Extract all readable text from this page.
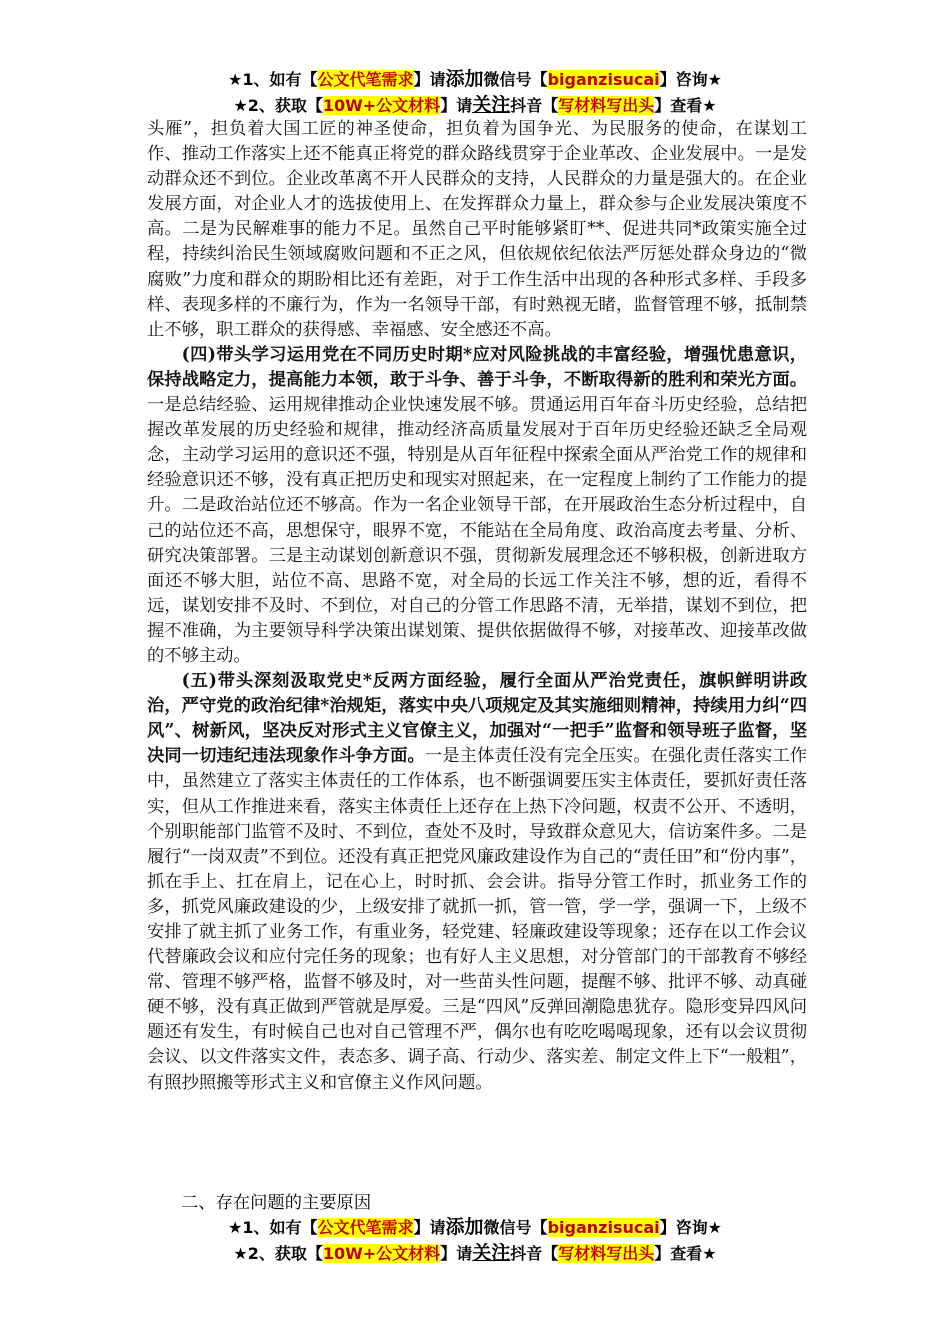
★1、如有【公文代笔需求】请添加微信号【biganzisucai】咨询★
★2、获取【10W+公文材料】请关注抖音【写材料写出头】查看★

头雁”，担负着大国工匠的神圣使命，担负着为国争光、为民服务的使命，在谋划工作、推动工作落实上还不能真正将党的群众路线贯穿于企业革改、企业发展中。一是发动群众还不到位。企业改革离不开人民群众的支持，人民群众的力量是强大的。在企业发展方面，对企业人才的选拔使用上、在发挥群众力量上，群众参与企业发展决策度不高。二是为民解难事的能力不足。虽然自己平时能够紧盯**、促进共同*政策实施全过程，持续纠治民生领域腐败问题和不正之风，但依规依纪依法严厉惩处群众身边的“微腐败”力度和群众的期盼相比还有差距，对于工作生活中出现的各种形式多样、手段多样、表现多样的不廉行为，作为一名领导干部，有时熟视无睹，监督管理不够，抵制禁止不够，职工群众的获得感、幸福感、安全感还不高。

(四)带头学习运用党在不同历史时期*应对风险挑战的丰富经验，增强忧患意识，保持战略定力，提高能力本领，敢于斗争、善于斗争，不断取得新的胜利和荣光方面。一是总结经验、运用规律推动企业快速发展不够。贯通运用百年奋斗历史经验，总结把握改革发展的历史经验和规律，推动经济高质量发展对于百年历史经验还缺乏全局观念，主动学习运用的意识还不强，特别是从百年征程中探索全面从严治党工作的规律和经验意识还不够，没有真正把历史和现实对照起来，在一定程度上制约了工作能力的提升。二是政治站位还不够高。作为一名企业领导干部，在开展政治生态分析过程中，自己的站位还不高，思想保守，眼界不宽，不能站在全局角度、政治高度去考量、分析、研究决策部署。三是主动谋划创新意识不强，贯彻新发展理念还不够积极，创新进取方面还不够大胆，站位不高、思路不宽，对全局的长远工作关注不够，想的近，看得不远，谋划安排不及时、不到位，对自己的分管工作思路不清，无举措，谋划不到位，把握不准确，为主要领导科学决策出谋划策、提供依据做得不够，对接革改、迎接革改做的不够主动。

(五)带头深刻汲取党史*反两方面经验，履行全面从严治党责任，旗帜鲜明讲政治，严守党的政治纪律*治规矩，落实中央八项规定及其实施细则精神，持续用力纠“四风”、树新风，坚决反对形式主义官僚主义，加强对“一把手”监督和领导班子监督，坚决同一切违纪违法现象作斗争方面。一是主体责任没有完全压实。在强化责任落实工作中，虽然建立了落实主体责任的工作体系，也不断强调要压实主体责任，要抓好责任落实，但从工作推进来看，落实主体责任上还存在上热下冷问题，权责不公开、不透明，个别职能部门监管不及时、不到位，查处不及时，导致群众意见大，信访案件多。二是履行“一岗双责”不到位。还没有真正把党风廉政建设作为自己的“责任田”和“份内事”，抓在手上、扛在肩上，记在心上，时时抓、会会讲。指导分管工作时，抓业务工作的多，抓党风廉政建设的少，上级安排了就抓一抓，管一管，学一学，强调一下，上级不安排了就主抓了业务工作，有重业务，轻党建、轻廉政建设等现象；还存在以工作会议代替廉政会议和应付完任务的现象；也有好人主义思想，对分管部门的干部教育不够经常、管理不够严格，监督不够及时，对一些苗头性问题，提醒不够、批评不够、动真碰硬不够，没有真正做到严管就是厚爱。三是“四风”反弹回潮隐患犹存。隐形变异四风问题还有发生，有时候自己也对自己管理不严，偶尔也有吃吃喝喝现象，还有以会议贯彻会议、以文件落实文件，表态多、调子高、行动少、落实差、制定文件上下“一般粗”，有照抄照搬等形式主义和官僚主义作风问题。

二、存在问题的主要原因
★1、如有【公文代笔需求】请添加微信号【biganzisucai】咨询★
★2、获取【10W+公文材料】请关注抖音【写材料写出头】查看★
